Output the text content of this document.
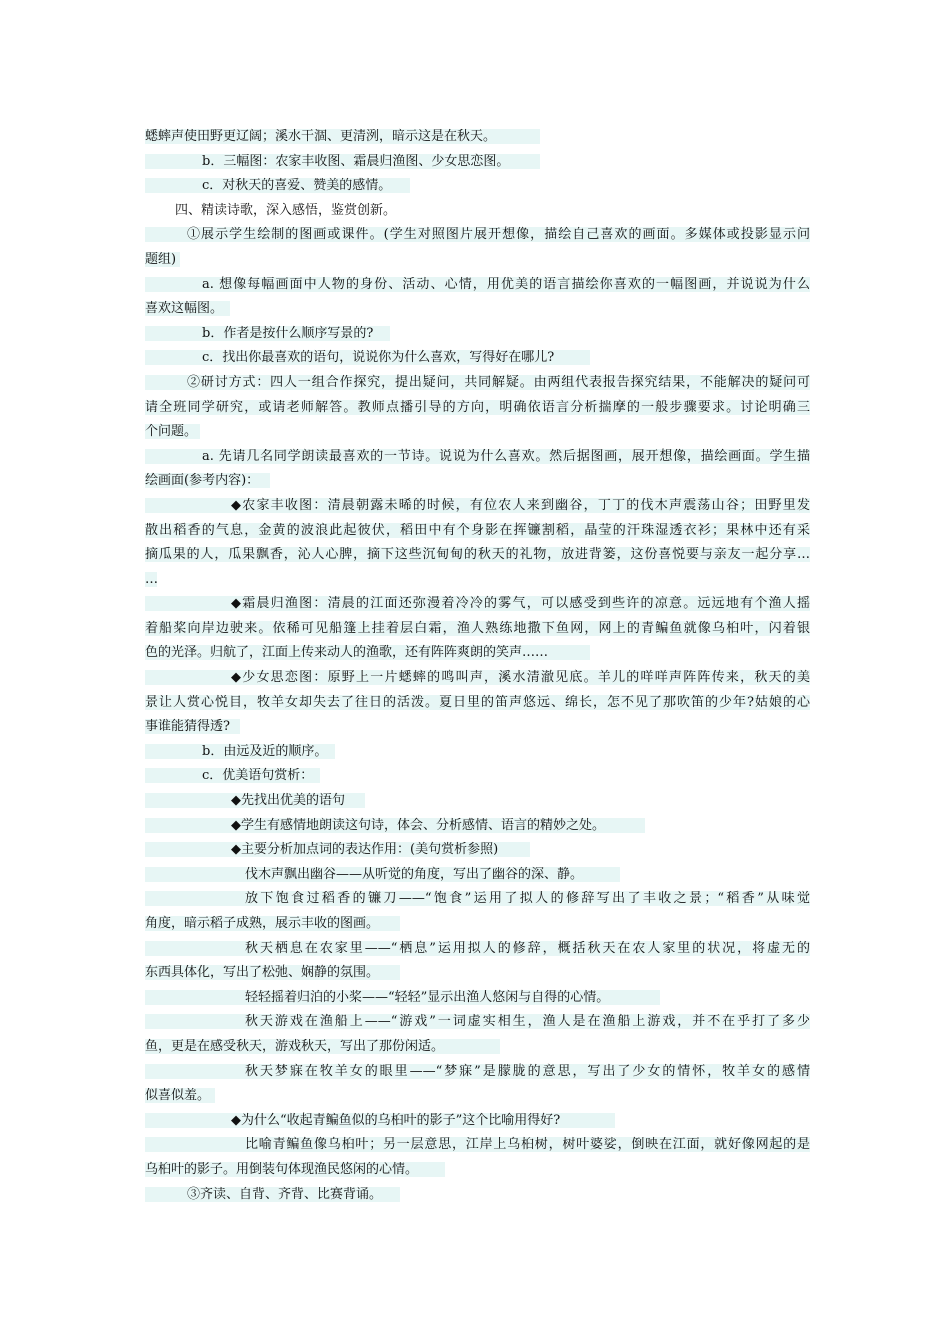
蟋蟀声使田野更辽阔；溪水干涸、更清洌，暗示这是在秋天。
b．三幅图：农家丰收图、霜晨归渔图、少女思恋图。
c．对秋天的喜爱、赞美的感情。
四、精读诗歌，深入感悟，鉴赏创新。
①展示学生绘制的图画或课件。(学生对照图片展开想像，描绘自己喜欢的画面。多媒体或投影显示问
题组)
a. 想像每幅画面中人物的身份、活动、心情，用优美的语言描绘你喜欢的一幅图画，并说说为什么
喜欢这幅图。
b．作者是按什么顺序写景的?
c．找出你最喜欢的语句，说说你为什么喜欢，写得好在哪儿?
②研讨方式：四人一组合作探究，提出疑问，共同解疑。由两组代表报告探究结果，不能解决的疑问可
请全班同学研究，或请老师解答。教师点播引导的方向，明确依语言分析揣摩的一般步骤要求。讨论明确三
个问题。
a. 先请几名同学朗读最喜欢的一节诗。说说为什么喜欢。然后据图画，展开想像，描绘画面。学生描
绘画面(参考内容)：
◆农家丰收图：清晨朝露未晞的时候，有位农人来到幽谷，丁丁的伐木声震荡山谷；田野里发
散出稻香的气息，金黄的波浪此起彼伏，稻田中有个身影在挥镰割稻，晶莹的汗珠湿透衣衫；果林中还有采
摘瓜果的人，瓜果飘香，沁人心脾，摘下这些沉甸甸的秋天的礼物，放进背篓，这份喜悦要与亲友一起分享…
…
◆霜晨归渔图：清晨的江面还弥漫着冷冷的雾气，可以感受到些许的凉意。远远地有个渔人摇
着船桨向岸边驶来。依稀可见船篷上挂着层白霜，渔人熟练地撒下鱼网，网上的青鳊鱼就像乌桕叶，闪着银
色的光泽。归航了，江面上传来动人的渔歌，还有阵阵爽朗的笑声……
◆少女思恋图：原野上一片蟋蟀的鸣叫声，溪水清澈见底。羊儿的咩咩声阵阵传来，秋天的美
景让人赏心悦目，牧羊女却失去了往日的活泼。夏日里的笛声悠远、绵长，怎不见了那吹笛的少年?姑娘的心
事谁能猜得透?
b．由远及近的顺序。
c．优美语句赏析：
◆先找出优美的语句
◆学生有感情地朗读这句诗，体会、分析感情、语言的精妙之处。
◆主要分析加点词的表达作用：(美句赏析参照)
伐木声飘出幽谷——从听觉的角度，写出了幽谷的深、静。
放下饱食过稻香的镰刀——“饱食”运用了拟人的修辞写出了丰收之景；“稻香”从味觉
角度，暗示稻子成熟，展示丰收的图画。
秋天栖息在农家里——“栖息”运用拟人的修辞，概括秋天在农人家里的状况，将虚无的
东西具体化，写出了松弛、娴静的氛围。
轻轻摇着归泊的小桨——“轻轻”显示出渔人悠闲与自得的心情。
秋天游戏在渔船上——“游戏”一词虚实相生，渔人是在渔船上游戏，并不在乎打了多少
鱼，更是在感受秋天，游戏秋天，写出了那份闲适。
秋天梦寐在牧羊女的眼里——“梦寐”是朦胧的意思，写出了少女的情怀，牧羊女的感情
似喜似羞。
◆为什么“收起青鳊鱼似的乌桕叶的影子”这个比喻用得好?
比喻青鳊鱼像乌桕叶；另一层意思，江岸上乌桕树，树叶婆娑，倒映在江面，就好像网起的是
乌桕叶的影子。用倒装句体现渔民悠闲的心情。
③齐读、自背、齐背、比赛背诵。
